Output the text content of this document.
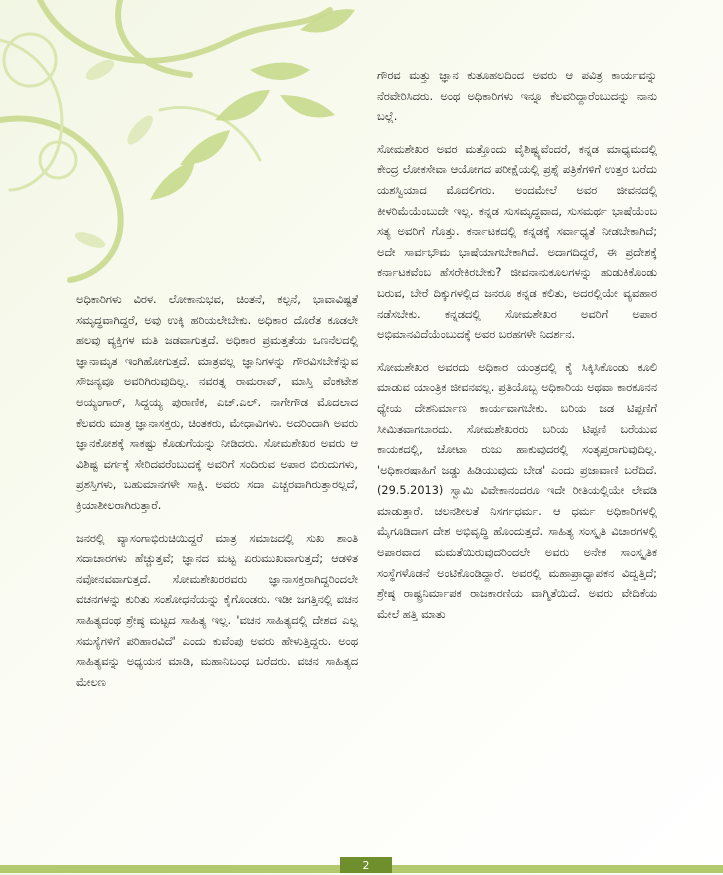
ಅಧಿಕಾರಿಗಳು ವಿರಳ. ಲೋಕಾನುಭವ, ಚಿಂತನೆ, ಕಲ್ಪನೆ, ಭಾವಾವಿಷ್ಟತೆ ಸಮೃದ್ಧವಾಗಿದ್ದರೆ, ಅವು ಉಕ್ಕಿ ಹರಿಯಲೇಬೇಕು. ಅಧಿಕಾರ ದೊರೆತ ಕೂಡಲೇ ಹಲವು ವ್ಯಕ್ತಿಗಳ ಮತಿ ಜಡವಾಗುತ್ತದೆ. ಅಧಿಕಾರ ಪ್ರಮತ್ತತೆಯ ಒಣನೆಲದಲ್ಲಿ ಜ್ಞಾನಾಮೃತ ಇಂಗಿಹೋಗುತ್ತದೆ. ಮಾತ್ರವಲ್ಲ ಜ್ಞಾನಿಗಳನ್ನು ಗೌರವಿಸಬೇಕೆನ್ನುವ ಸೌಜನ್ಯವೂ ಅವರಿಗಿರುವುದಿಲ್ಲ. ನವರತ್ನ ರಾಮರಾವ್, ಮಾಸ್ತಿ ವೆಂಕಟೇಶ ಅಯ್ಯಂಗಾರ್, ಸಿದ್ದಯ್ಯ ಪುರಾಣಿಕ, ಎಚ್.ಎಲ್. ನಾಗೇಗೌಡ ಮೊದಲಾದ ಕೆಲವರು ಮಾತ್ರ ಜ್ಞಾನಾಸಕ್ತರು, ಚಿಂತಕರು, ಮೇಧಾವಿಗಳು. ಅದರಿಂದಾಗಿ ಅವರು ಜ್ಞಾನಕೋಶಕ್ಕೆ ಸಾಕಷ್ಟು ಕೊಡುಗೆಯನ್ನು ನೀಡಿದರು. ಸೋಮಶೇಖರ ಅವರು ಆ ವಿಶಿಷ್ಟ ವರ್ಗಕ್ಕೆ ಸೇರಿದವರೆಂಬುದಕ್ಕೆ ಅವರಿಗೆ ಸಂದಿರುವ ಅಪಾರ ಬಿರುದುಗಳು, ಪ್ರಶಸ್ತಿಗಳು, ಬಹುಮಾನಗಳೇ ಸಾಕ್ಷಿ. ಅವರು ಸದಾ ಎಚ್ಚರವಾಗಿರುತ್ತಾರಲ್ಲದೆ, ಕ್ರಿಯಾಶೀಲರಾಗಿರುತ್ತಾರೆ.

ಜನರಲ್ಲಿ ವ್ಯಾಸಂಗಾಭಿರುಚಿಯಿದ್ದರೆ ಮಾತ್ರ ಸಮಾಜದಲ್ಲಿ ಸುಖ ಶಾಂತಿ ಸದಾಚಾರಗಳು ಹೆಚ್ಚುತ್ತವೆ; ಜ್ಞಾನದ ಮಟ್ಟ ಏರುಮುಖವಾಗುತ್ತದೆ; ಆಡಳಿತ ನವೋನವವಾಗುತ್ತದೆ. ಸೋಮಶೇಖರರವರು ಜ್ಞಾನಾಸಕ್ತರಾಗಿದ್ದರಿಂದಲೇ ವಚನಗಳನ್ನು ಕುರಿತು ಸಂಶೋಧನೆಯನ್ನು ಕೈಗೊಂಡರು. ಇಡೀ ಜಗತ್ತಿನಲ್ಲಿ ವಚನ ಸಾಹಿತ್ಯದಂಥ ಶ್ರೇಷ್ಠ ಮಟ್ಟದ ಸಾಹಿತ್ಯ ಇಲ್ಲ. 'ವಚನ ಸಾಹಿತ್ಯದಲ್ಲಿ ದೇಶದ ಎಲ್ಲ ಸಮಸ್ಯೆಗಳಿಗೆ ಪರಿಹಾರವಿದೆ' ಎಂದು ಕುವೆಂಪು ಅವರು ಹೇಳುತ್ತಿದ್ದರು. ಅಂಥ ಸಾಹಿತ್ಯವನ್ನು ಅಧ್ಯಯನ ಮಾಡಿ, ಮಹಾನಿಬಂಧ ಬರೆದರು. ವಚನ ಸಾಹಿತ್ಯದ ಮೇಲಣ

ಗೌರವ ಮತ್ತು ಜ್ಞಾನ ಕುತೂಹಲದಿಂದ ಅವರು ಆ ಪವಿತ್ರ ಕಾರ್ಯವನ್ನು ನೆರವೇರಿಸಿದರು. ಅಂಥ ಅಧಿಕಾರಿಗಳು ಇನ್ನೂ ಕೆಲವರಿದ್ದಾರೆಂಬುದನ್ನು ನಾನು ಬಲ್ಲೆ.

ಸೋಮಶೇಖರ ಅವರ ಮತ್ತೊಂದು ವೈಶಿಷ್ಟ್ಯವೆಂದರೆ, ಕನ್ನಡ ಮಾಧ್ಯಮದಲ್ಲಿ ಕೇಂದ್ರ ಲೋಕಸೇವಾ ಆಯೋಗದ ಪರೀಕ್ಷೆಯಲ್ಲಿ ಪ್ರಶ್ನೆ ಪತ್ರಿಕೆಗಳಿಗೆ ಉತ್ತರ ಬರೆದು ಯಶಸ್ವಿಯಾದ ಮೊದಲಿಗರು. ಅಂದಮೇಲೆ ಅವರ ಜೀವನದಲ್ಲಿ ಕೀಳರಿಮೆಯೆಂಬುದೇ ಇಲ್ಲ. ಕನ್ನಡ ಸುಸಮೃದ್ಧವಾದ, ಸುಸಮರ್ಥ ಭಾಷೆಯೆಂಬ ಸತ್ಯ ಅವರಿಗೆ ಗೊತ್ತು. ಕರ್ನಾಟಕದಲ್ಲಿ ಕನ್ನಡಕ್ಕೆ ಸರ್ವಾಧ್ಯತೆ ನೀಡಬೇಕಾಗಿದೆ; ಅದೇ ಸಾರ್ವಭೌಮ ಭಾಷೆಯಾಗಬೇಕಾಗಿದೆ. ಅದಾಗದಿದ್ದರೆ, ಈ ಪ್ರದೇಶಕ್ಕೆ ಕರ್ನಾಟಕವೆಂಬ ಹೆಸರೇಕಿರಬೇಕು? ಜೀವನಾನುಕೂಲಗಳನ್ನು ಹುಡುಕಿಕೊಂಡು ಬರುವ, ಬೇರೆ ದಿಕ್ಕುಗಳಲ್ಲಿದ ಜನರೂ ಕನ್ನಡ ಕಲಿತು, ಅದರಲ್ಲಿಯೇ ವ್ಯವಹಾರ ನಡೆಸಬೇಕು. ಕನ್ನಡದಲ್ಲಿ ಸೋಮಶೇಖರ ಅವರಿಗೆ ಅಪಾರ ಅಭಿಮಾನವಿದೆಯೆಂಬುದಕ್ಕೆ ಅವರ ಬರಹಗಳೇ ನಿದರ್ಶನ.

ಸೋಮಶೇಖರ ಅವರದು ಅಧಿಕಾರ ಯಂತ್ರದಲ್ಲಿ ಕೈ ಸಿಕ್ಕಿಸಿಕೊಂಡು ಕೂಲಿ ಮಾಡುವ ಯಾಂತ್ರಿಕ ಜೀವನವಲ್ಲ. ಪ್ರತಿಯೊಬ್ಬ ಅಧಿಕಾರಿಯ ಅಥವಾ ಕಾರಕೂನನ ಧ್ಯೇಯ ದೇಶನಿರ್ಮಾಣ ಕಾರ್ಯವಾಗಬೇಕು. ಬರಿಯ ಜಡ ಟಿಪ್ಪಣಿಗೆ ಸೀಮಿತವಾಗಬಾರದು. ಸೋಮಶೇಖರರು ಬರಿಯ ಟಿಪ್ಪಣಿ ಬರೆಯುವ ಕಾಯಕದಲ್ಲಿ, ಚೋಟಾ ರುಜು ಹಾಕುವುದರಲ್ಲಿ ಸಂತೃಪ್ತರಾಗುವುದಿಲ್ಲ. 'ಅಧಿಕಾರಷಾಹಿಗೆ ಜಡ್ಡು ಹಿಡಿಯುವುದು ಬೇಡ' ಎಂದು ಪ್ರಜಾವಾಣಿ ಬರೆದಿದೆ. (29.5.2013) ಸ್ವಾಮಿ ವಿವೇಕಾನಂದರೂ ಇದೇ ರೀತಿಯಲ್ಲಿಯೇ ಲೇವಡಿ ಮಾಡುತ್ತಾರೆ. ಚಲನಶೀಲತೆ ನಿಸರ್ಗಧರ್ಮ. ಆ ಧರ್ಮ ಅಧಿಕಾರಿಗಳಲ್ಲಿ ಮೈಗೂಡಿದಾಗ ದೇಶ ಅಭಿವೃದ್ಧಿ ಹೊಂದುತ್ತದೆ. ಸಾಹಿತ್ಯ ಸಂಸ್ಕೃತಿ ವಿಚಾರಗಳಲ್ಲಿ ಅಪಾರವಾದ ಮಮತೆಯಿರುವುದರಿಂದಲೇ ಅವರು ಅನೇಕ ಸಾಂಸ್ಕೃತಿಕ ಸಂಸ್ಥೆಗಳೊಡನೆ ಅಂಟಿಕೊಂಡಿದ್ದಾರೆ. ಅವರಲ್ಲಿ ಮಹಾಪ್ರಾಧ್ಯಾಪಕನ ವಿದ್ವತ್ತಿದೆ; ಶ್ರೇಷ್ಠ ರಾಷ್ಟ್ರನಿರ್ಮಾಪಕ ರಾಜಕಾರಣಿಯ ವಾಗ್ಮಿತೆಯಿದೆ. ಅವರು ವೇದಿಕೆಯ ಮೇಲೆ ಹತ್ತಿ ಮಾತು

2
